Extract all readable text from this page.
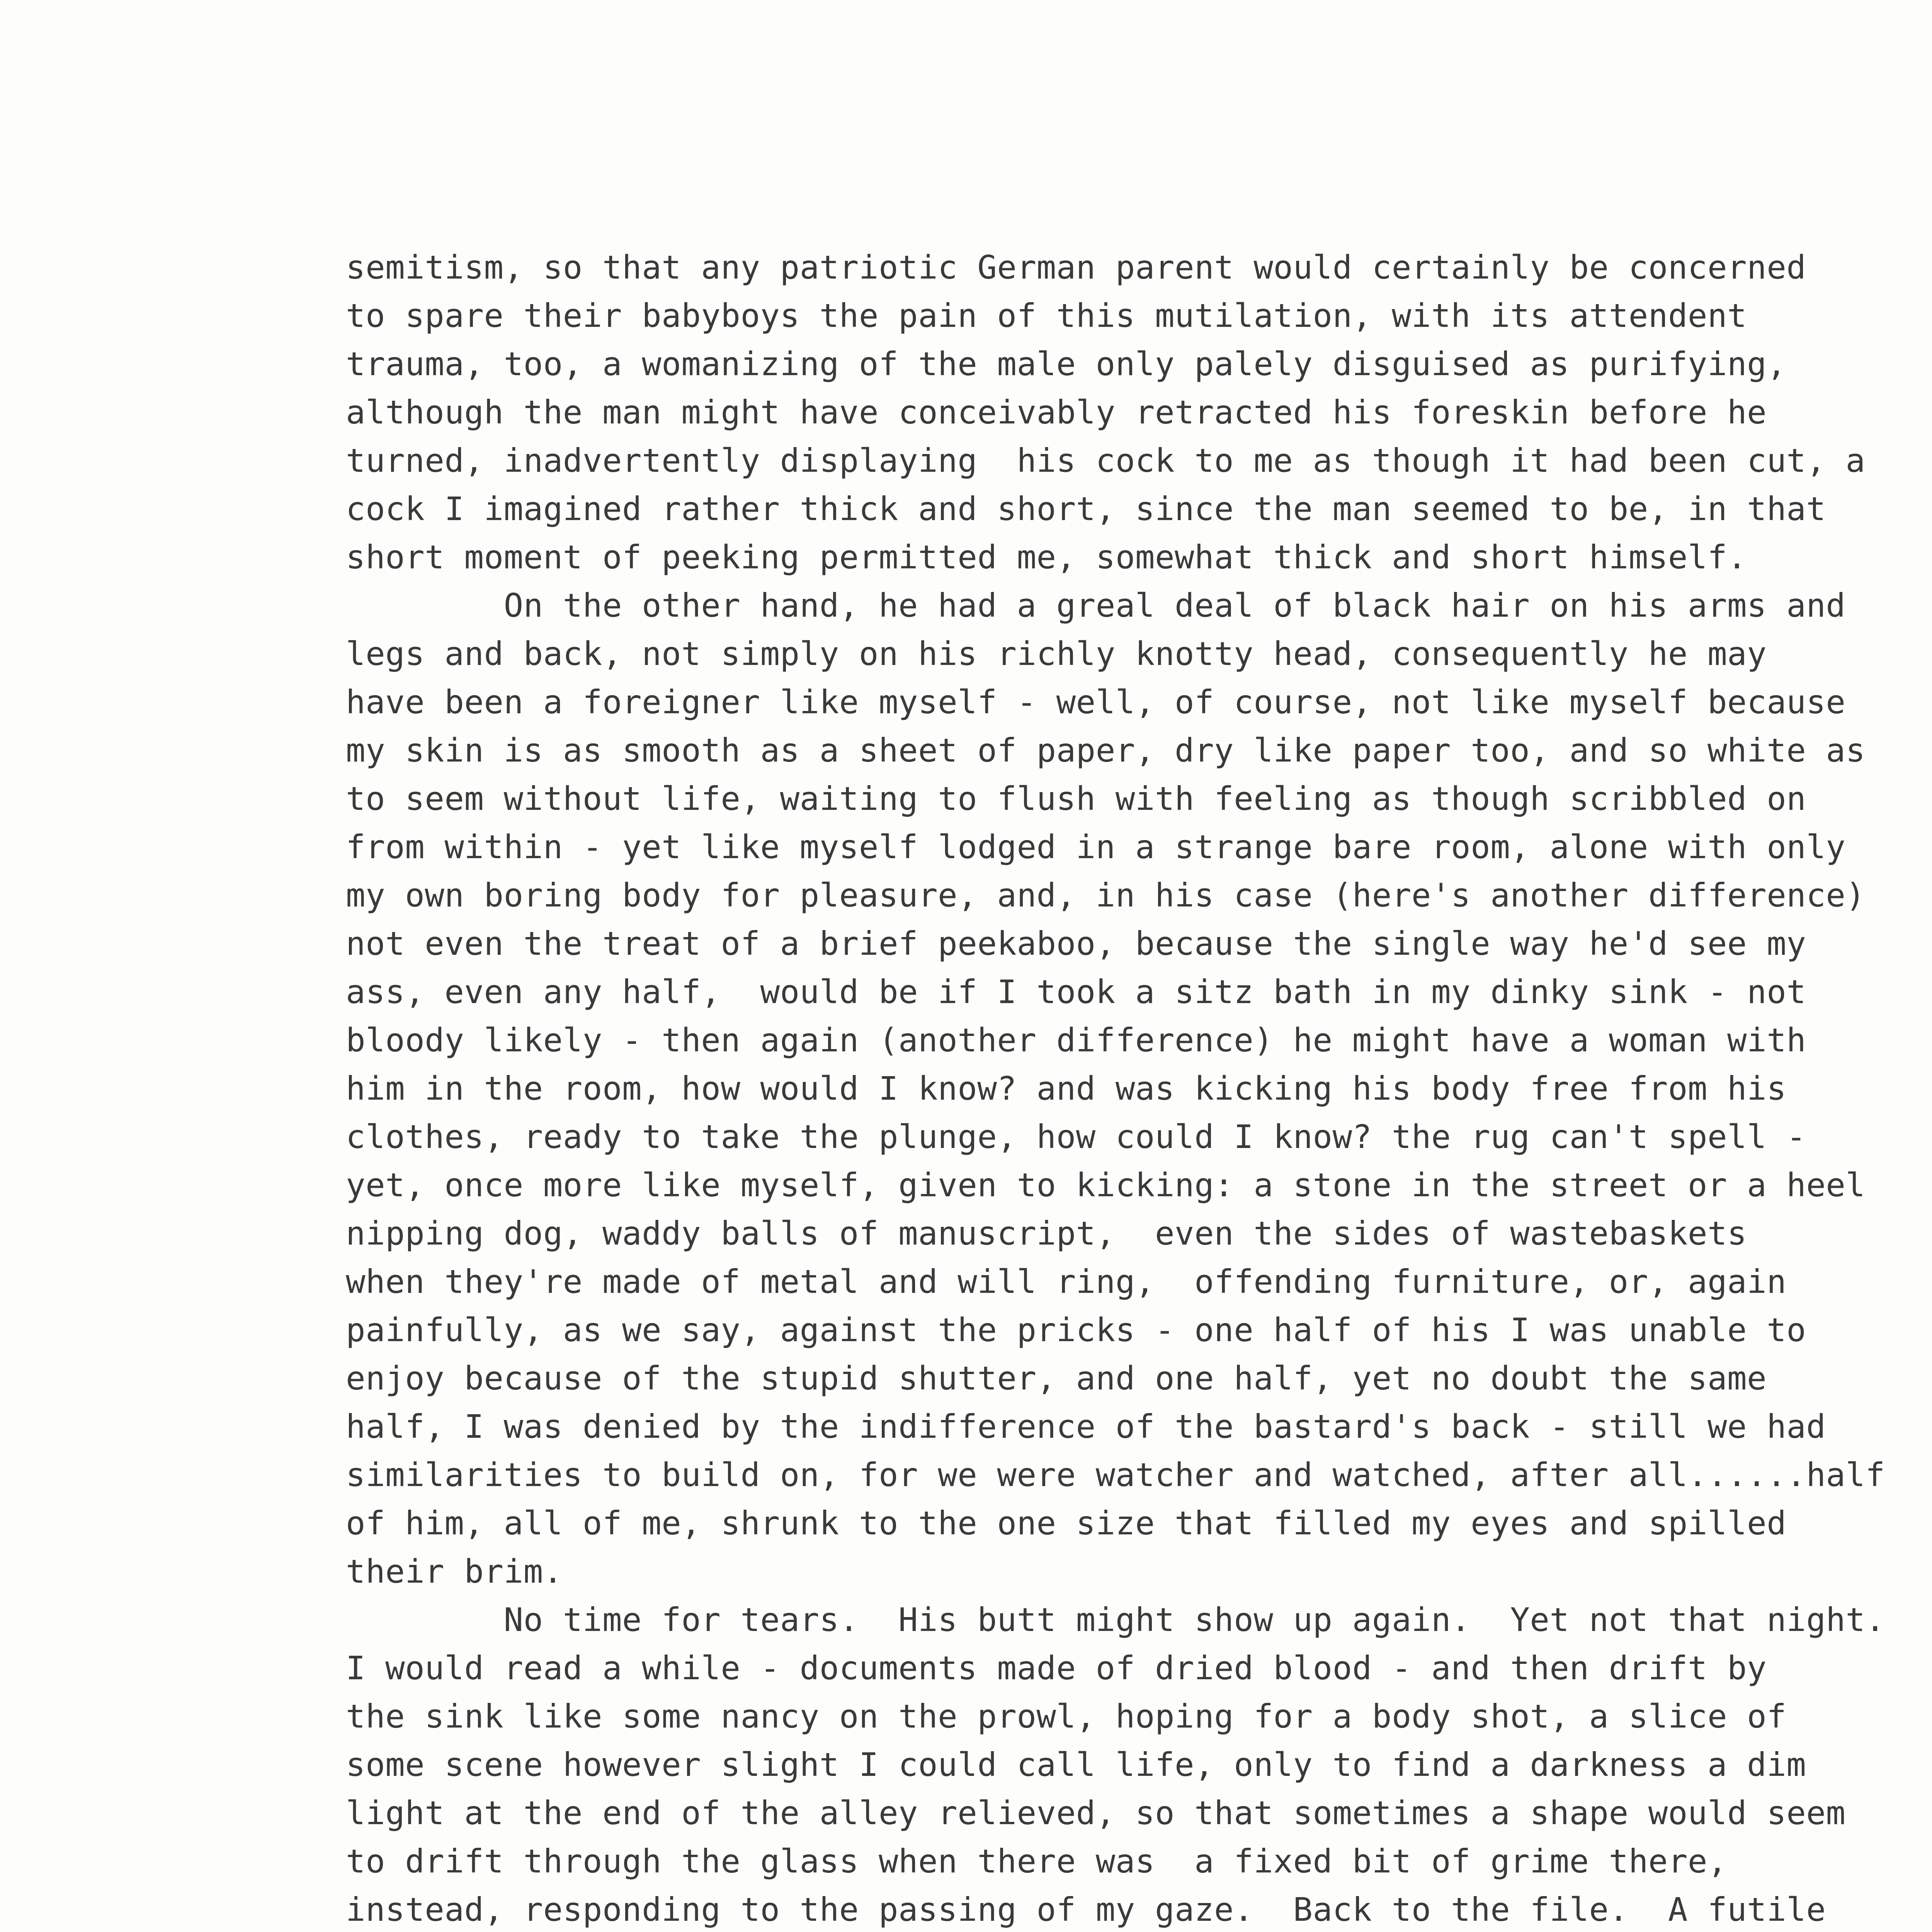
semitism, so that any patriotic German parent would certainly be concerned
to spare their babyboys the pain of this mutilation, with its attendent
trauma, too, a womanizing of the male only palely disguised as purifying,
although the man might have conceivably retracted his foreskin before he
turned, inadvertently displaying  his cock to me as though it had been cut, a
cock I imagined rather thick and short, since the man seemed to be, in that
short moment of peeking permitted me, somewhat thick and short himself.
On the other hand, he had a greal deal of black hair on his arms and
legs and back, not simply on his richly knotty head, consequently he may
have been a foreigner like myself - well, of course, not like myself because
my skin is as smooth as a sheet of paper, dry like paper too, and so white as
to seem without life, waiting to flush with feeling as though scribbled on
from within - yet like myself lodged in a strange bare room, alone with only
my own boring body for pleasure, and, in his case (here's another difference)
not even the treat of a brief peekaboo, because the single way he'd see my
ass, even any half,  would be if I took a sitz bath in my dinky sink - not
bloody likely - then again (another difference) he might have a woman with
him in the room, how would I know? and was kicking his body free from his
clothes, ready to take the plunge, how could I know? the rug can't spell -
yet, once more like myself, given to kicking: a stone in the street or a heel
nipping dog, waddy balls of manuscript,  even the sides of wastebaskets
when they're made of metal and will ring,  offending furniture, or, again
painfully, as we say, against the pricks - one half of his I was unable to
enjoy because of the stupid shutter, and one half, yet no doubt the same
half, I was denied by the indifference of the bastard's back - still we had
similarities to build on, for we were watcher and watched, after all......half
of him, all of me, shrunk to the one size that filled my eyes and spilled
their brim.
No time for tears.  His butt might show up again.  Yet not that night.
I would read a while - documents made of dried blood - and then drift by
the sink like some nancy on the prowl, hoping for a body shot, a slice of
some scene however slight I could call life, only to find a darkness a dim
light at the end of the alley relieved, so that sometimes a shape would seem
to drift through the glass when there was  a fixed bit of grime there,
instead, responding to the passing of my gaze.  Back to the file.  A futile
